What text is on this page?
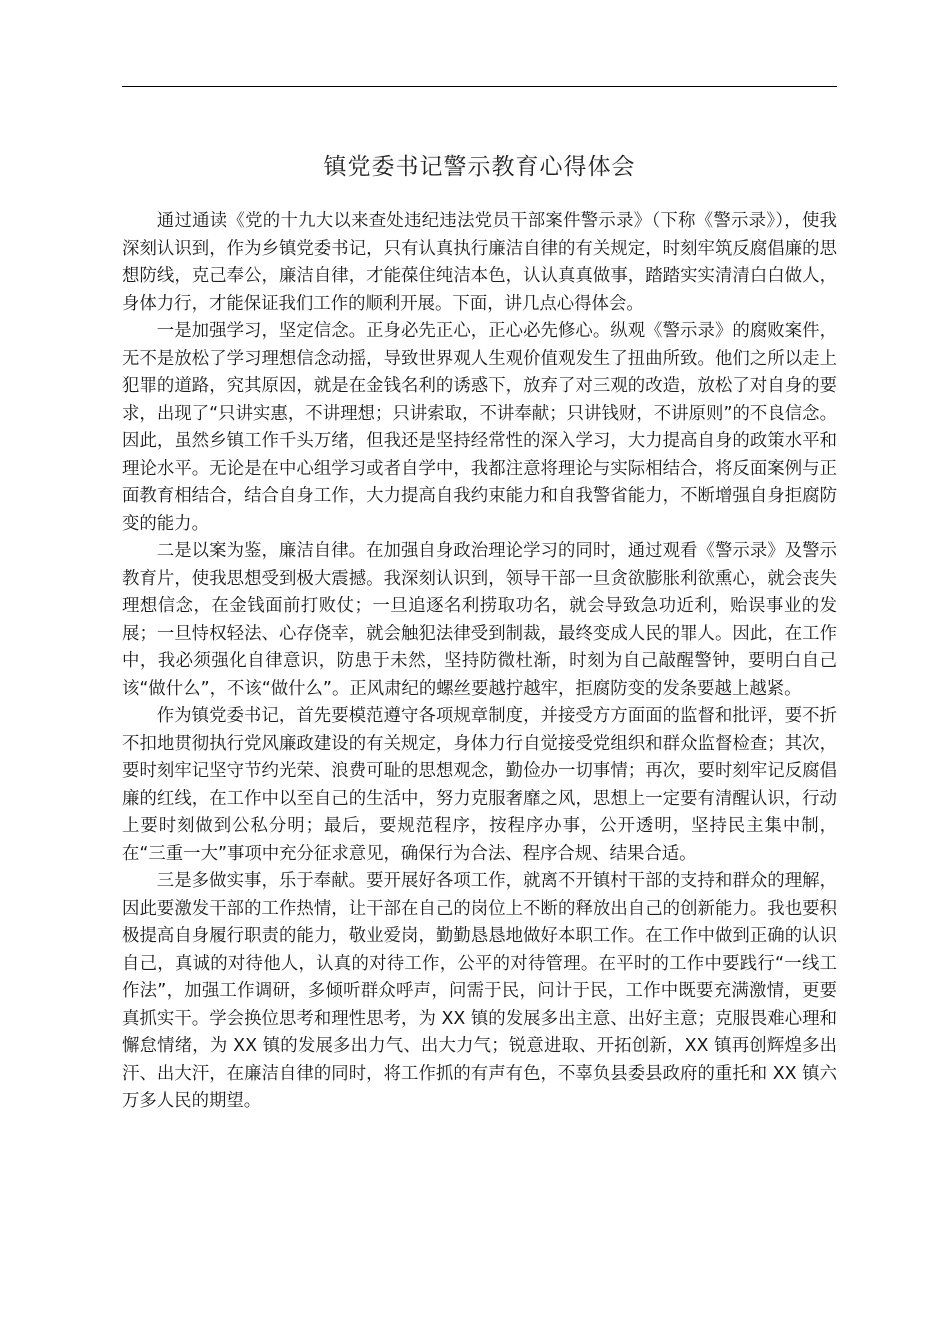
镇党委书记警示教育心得体会

通过通读《党的十九大以来查处违纪违法党员干部案件警示录》（下称《警示录》），使我深刻认识到，作为乡镇党委书记，只有认真执行廉洁自律的有关规定，时刻牢筑反腐倡廉的思想防线，克己奉公，廉洁自律，才能葆住纯洁本色，认认真真做事，踏踏实实清清白白做人，身体力行，才能保证我们工作的顺利开展。下面，讲几点心得体会。

一是加强学习，坚定信念。正身必先正心，正心必先修心。纵观《警示录》的腐败案件，无不是放松了学习理想信念动摇，导致世界观人生观价值观发生了扭曲所致。他们之所以走上犯罪的道路，究其原因，就是在金钱名利的诱惑下，放弃了对三观的改造，放松了对自身的要求，出现了“只讲实惠，不讲理想；只讲索取，不讲奉献；只讲钱财，不讲原则”的不良信念。因此，虽然乡镇工作千头万绪，但我还是坚持经常性的深入学习，大力提高自身的政策水平和理论水平。无论是在中心组学习或者自学中，我都注意将理论与实际相结合，将反面案例与正面教育相结合，结合自身工作，大力提高自我约束能力和自我警省能力，不断增强自身拒腐防变的能力。

二是以案为鉴，廉洁自律。在加强自身政治理论学习的同时，通过观看《警示录》及警示教育片，使我思想受到极大震撼。我深刻认识到，领导干部一旦贪欲膨胀利欲熏心，就会丧失理想信念，在金钱面前打败仗；一旦追逐名利捞取功名，就会导致急功近利，贻误事业的发展；一旦恃权轻法、心存侥幸，就会触犯法律受到制裁，最终变成人民的罪人。因此，在工作中，我必须强化自律意识，防患于未然，坚持防微杜渐，时刻为自己敲醒警钟，要明白自己该“做什么”，不该“做什么”。正风肃纪的螺丝要越拧越牢，拒腐防变的发条要越上越紧。

作为镇党委书记，首先要模范遵守各项规章制度，并接受方方面面的监督和批评，要不折不扣地贯彻执行党风廉政建设的有关规定，身体力行自觉接受党组织和群众监督检查；其次，要时刻牢记坚守节约光荣、浪费可耻的思想观念，勤俭办一切事情；再次，要时刻牢记反腐倡廉的红线，在工作中以至自己的生活中，努力克服奢靡之风，思想上一定要有清醒认识，行动上要时刻做到公私分明；最后，要规范程序，按程序办事，公开透明，坚持民主集中制，在“三重一大”事项中充分征求意见，确保行为合法、程序合规、结果合适。

三是多做实事，乐于奉献。要开展好各项工作，就离不开镇村干部的支持和群众的理解，因此要激发干部的工作热情，让干部在自己的岗位上不断的释放出自己的创新能力。我也要积极提高自身履行职责的能力，敬业爱岗，勤勤恳恳地做好本职工作。在工作中做到正确的认识自己，真诚的对待他人，认真的对待工作，公平的对待管理。在平时的工作中要践行“一线工作法”，加强工作调研，多倾听群众呼声，问需于民，问计于民，工作中既要充满激情，更要真抓实干。学会换位思考和理性思考，为 XX 镇的发展多出主意、出好主意；克服畏难心理和懈怠情绪，为 XX 镇的发展多出力气、出大力气；锐意进取、开拓创新，XX 镇再创辉煌多出汗、出大汗，在廉洁自律的同时，将工作抓的有声有色，不辜负县委县政府的重托和 XX 镇六万多人民的期望。
